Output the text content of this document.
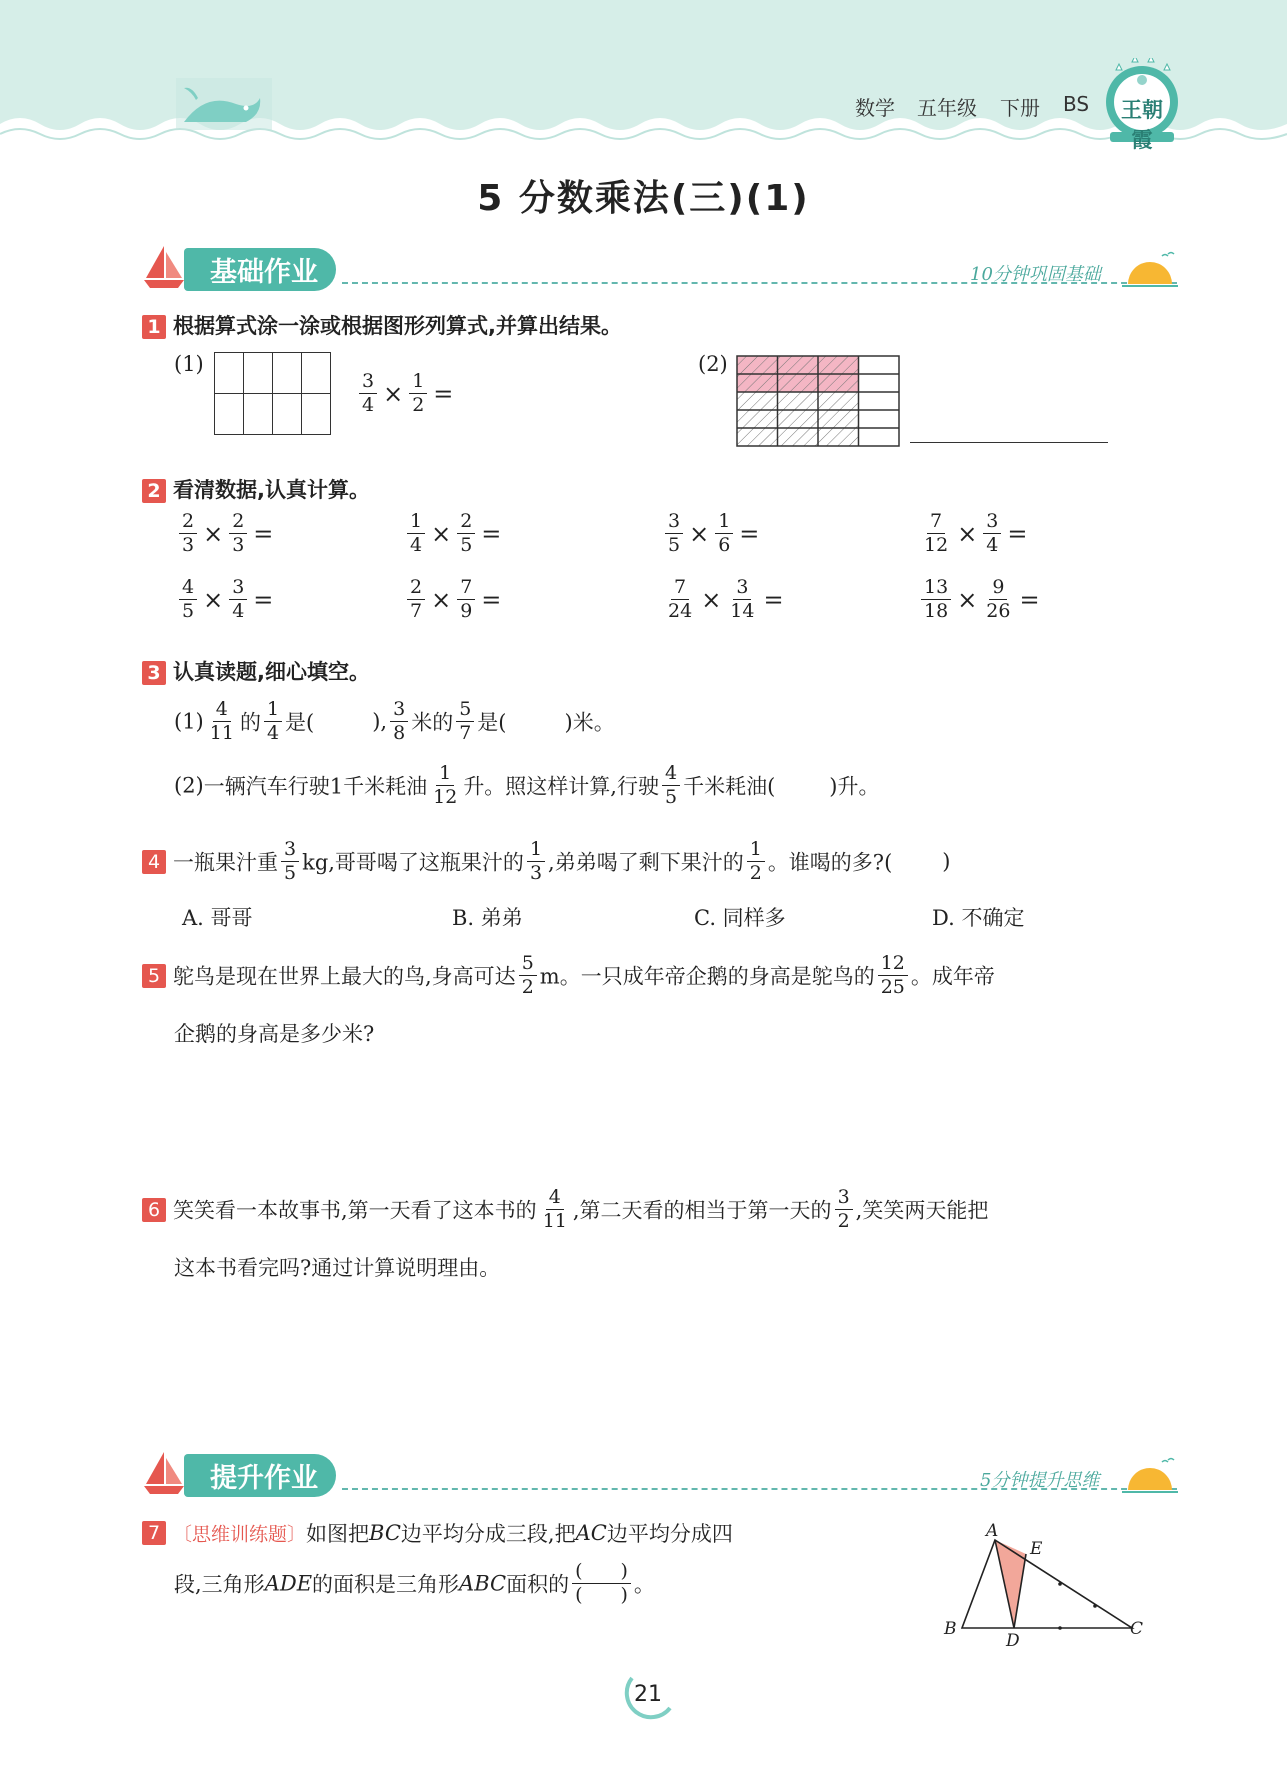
数学 五年级 下册 BS	王朝霞
5 分数乘法(三)(1)
基础作业	10分钟巩固基础
1 根据算式涂一涂或根据图形列算式,并算出结果。
(1)

$\frac{3}{4} \times \frac{1}{2}$ =
(2)
2 看清数据,认真计算。
$\frac{2}{3} \times \frac{2}{3}$ =	$\frac{1}{4} \times \frac{2}{5}$ =	$\frac{3}{5} \times \frac{1}{6}$ =	$\frac{7}{12} \times \frac{3}{4}$ =
$\frac{4}{5} \times \frac{3}{4}$ =	$\frac{2}{7} \times \frac{7}{9}$ =	$\frac{7}{24} \times \frac{3}{14}$ =	$\frac{13}{18} \times \frac{9}{26}$ =
3 认真读题,细心填空。
$(1) \frac{4}{11}$ 的 $\frac{1}{4}$ 是(	), $\frac{3}{8}$ 米的 $\frac{5}{7}$ 是(	)米。
(2)一辆汽车行驶1千米耗油 $\frac{1}{12}$ 升。照这样计算,行驶 $\frac{4}{5}$ 千米耗油(	)升。
4 一瓶果汁重 $\frac{3}{5}$ kg,哥哥喝了这瓶果汁的 $\frac{1}{3}$ ,弟弟喝了剩下果汁的 $\frac{1}{2}$ 。谁喝的多?( )
A. 哥哥	B. 弟弟	C. 同样多	D. 不确定
5 鸵鸟是现在世界上最大的鸟,身高可达 $\frac{5}{2}$ m。一只成年帝企鹅的身高是鸵鸟的 $\frac{12}{25}$ 。成年帝
企鹅的身高是多少米?
6 笑笑看一本故事书,第一天看了这本书的 $\frac{4}{11}$ ,第二天看的相当于第一天的 $\frac{3}{2}$ ,笑笑两天能把
这本书看完吗?通过计算说明理由。
提升作业	5分钟提升思维
7 〔思维训练题〕如图把BC边平均分成三段,把AC边平均分成四
段,三角形ADE的面积是三角形ABC面积的 $\frac{( )}{( )}$ 。
A
E
B
D
C
21
